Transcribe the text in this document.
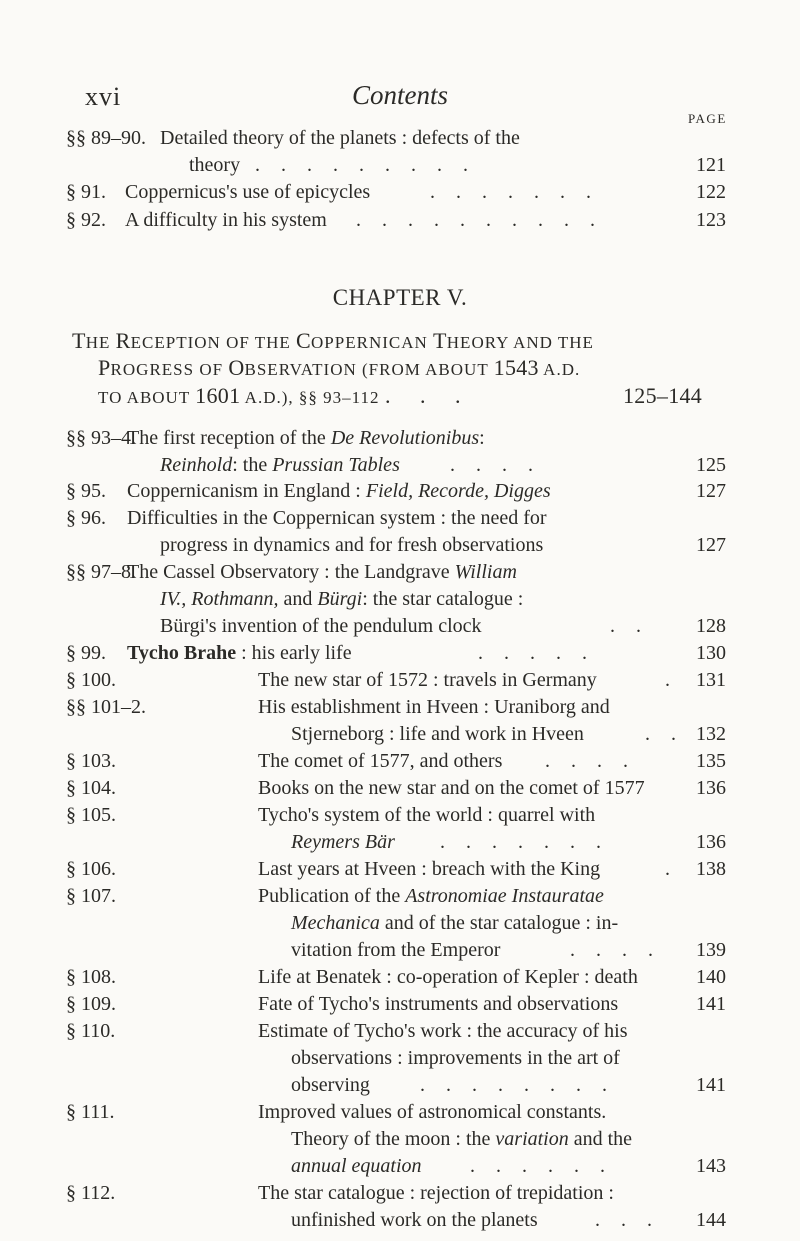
xvi	Contents
PAGE
§§ 89–90. Detailed theory of the planets : defects of the
theory . . . . . . . . .	121
§ 91. Coppernicus's use of epicycles	. . . . . . .	122
§ 92. A difficulty in his system . . . . . . . . . .	123
CHAPTER V.
THE RECEPTION OF THE COPPERNICAN THEORY AND THE
PROGRESS OF OBSERVATION (FROM ABOUT 1543 A.D.
TO ABOUT 1601 A.D.), §§ 93–112 . . .	125–144
§§ 93–4.
The first reception of the De Revolutionibus:
Reinhold: the Prussian Tables	. . . .	125
§ 95. Coppernicanism in England : Field, Recorde, Digges	127
§ 96. Difficulties in the Coppernican system : the need for
progress in dynamics and for fresh observations	127
§§ 97–8.
The Cassel Observatory : the Landgrave William
IV., Rothmann, and Bürgi: the star catalogue :
Bürgi's invention of the pendulum clock	. . 128
§ 99. Tycho Brahe : his early life	. . . . .	130
§ 100.	The new star of 1572 : travels in Germany	. 131
§§ 101–2.	His establishment in Hveen : Uraniborg and
Stjerneborg : life and work in Hveen	. . 132
§ 103.	The comet of 1577, and others . . . .	135
§ 104.	Books on the new star and on the comet of 1577	136
§ 105.	Tycho's system of the world : quarrel with
Reymers Bär . . . . . . .	136
§ 106.	Last years at Hveen : breach with the King	. 138
§ 107.	Publication of the Astronomiae Instauratae
Mechanica and of the star catalogue : in-
vitation from the Emperor	. . . . 139
§ 108.	Life at Benatek : co-operation of Kepler : death	140
§ 109.	Fate of Tycho's instruments and observations	141
§ 110.	Estimate of Tycho's work : the accuracy of his
observations : improvements in the art of
observing	. . . . . . . .	141
§ 111.	Improved values of astronomical constants.
Theory of the moon : the variation and the
annual equation . . . . . .	143
§ 112.	The star catalogue : rejection of trepidation :
unfinished work on the planets	. . . 144
